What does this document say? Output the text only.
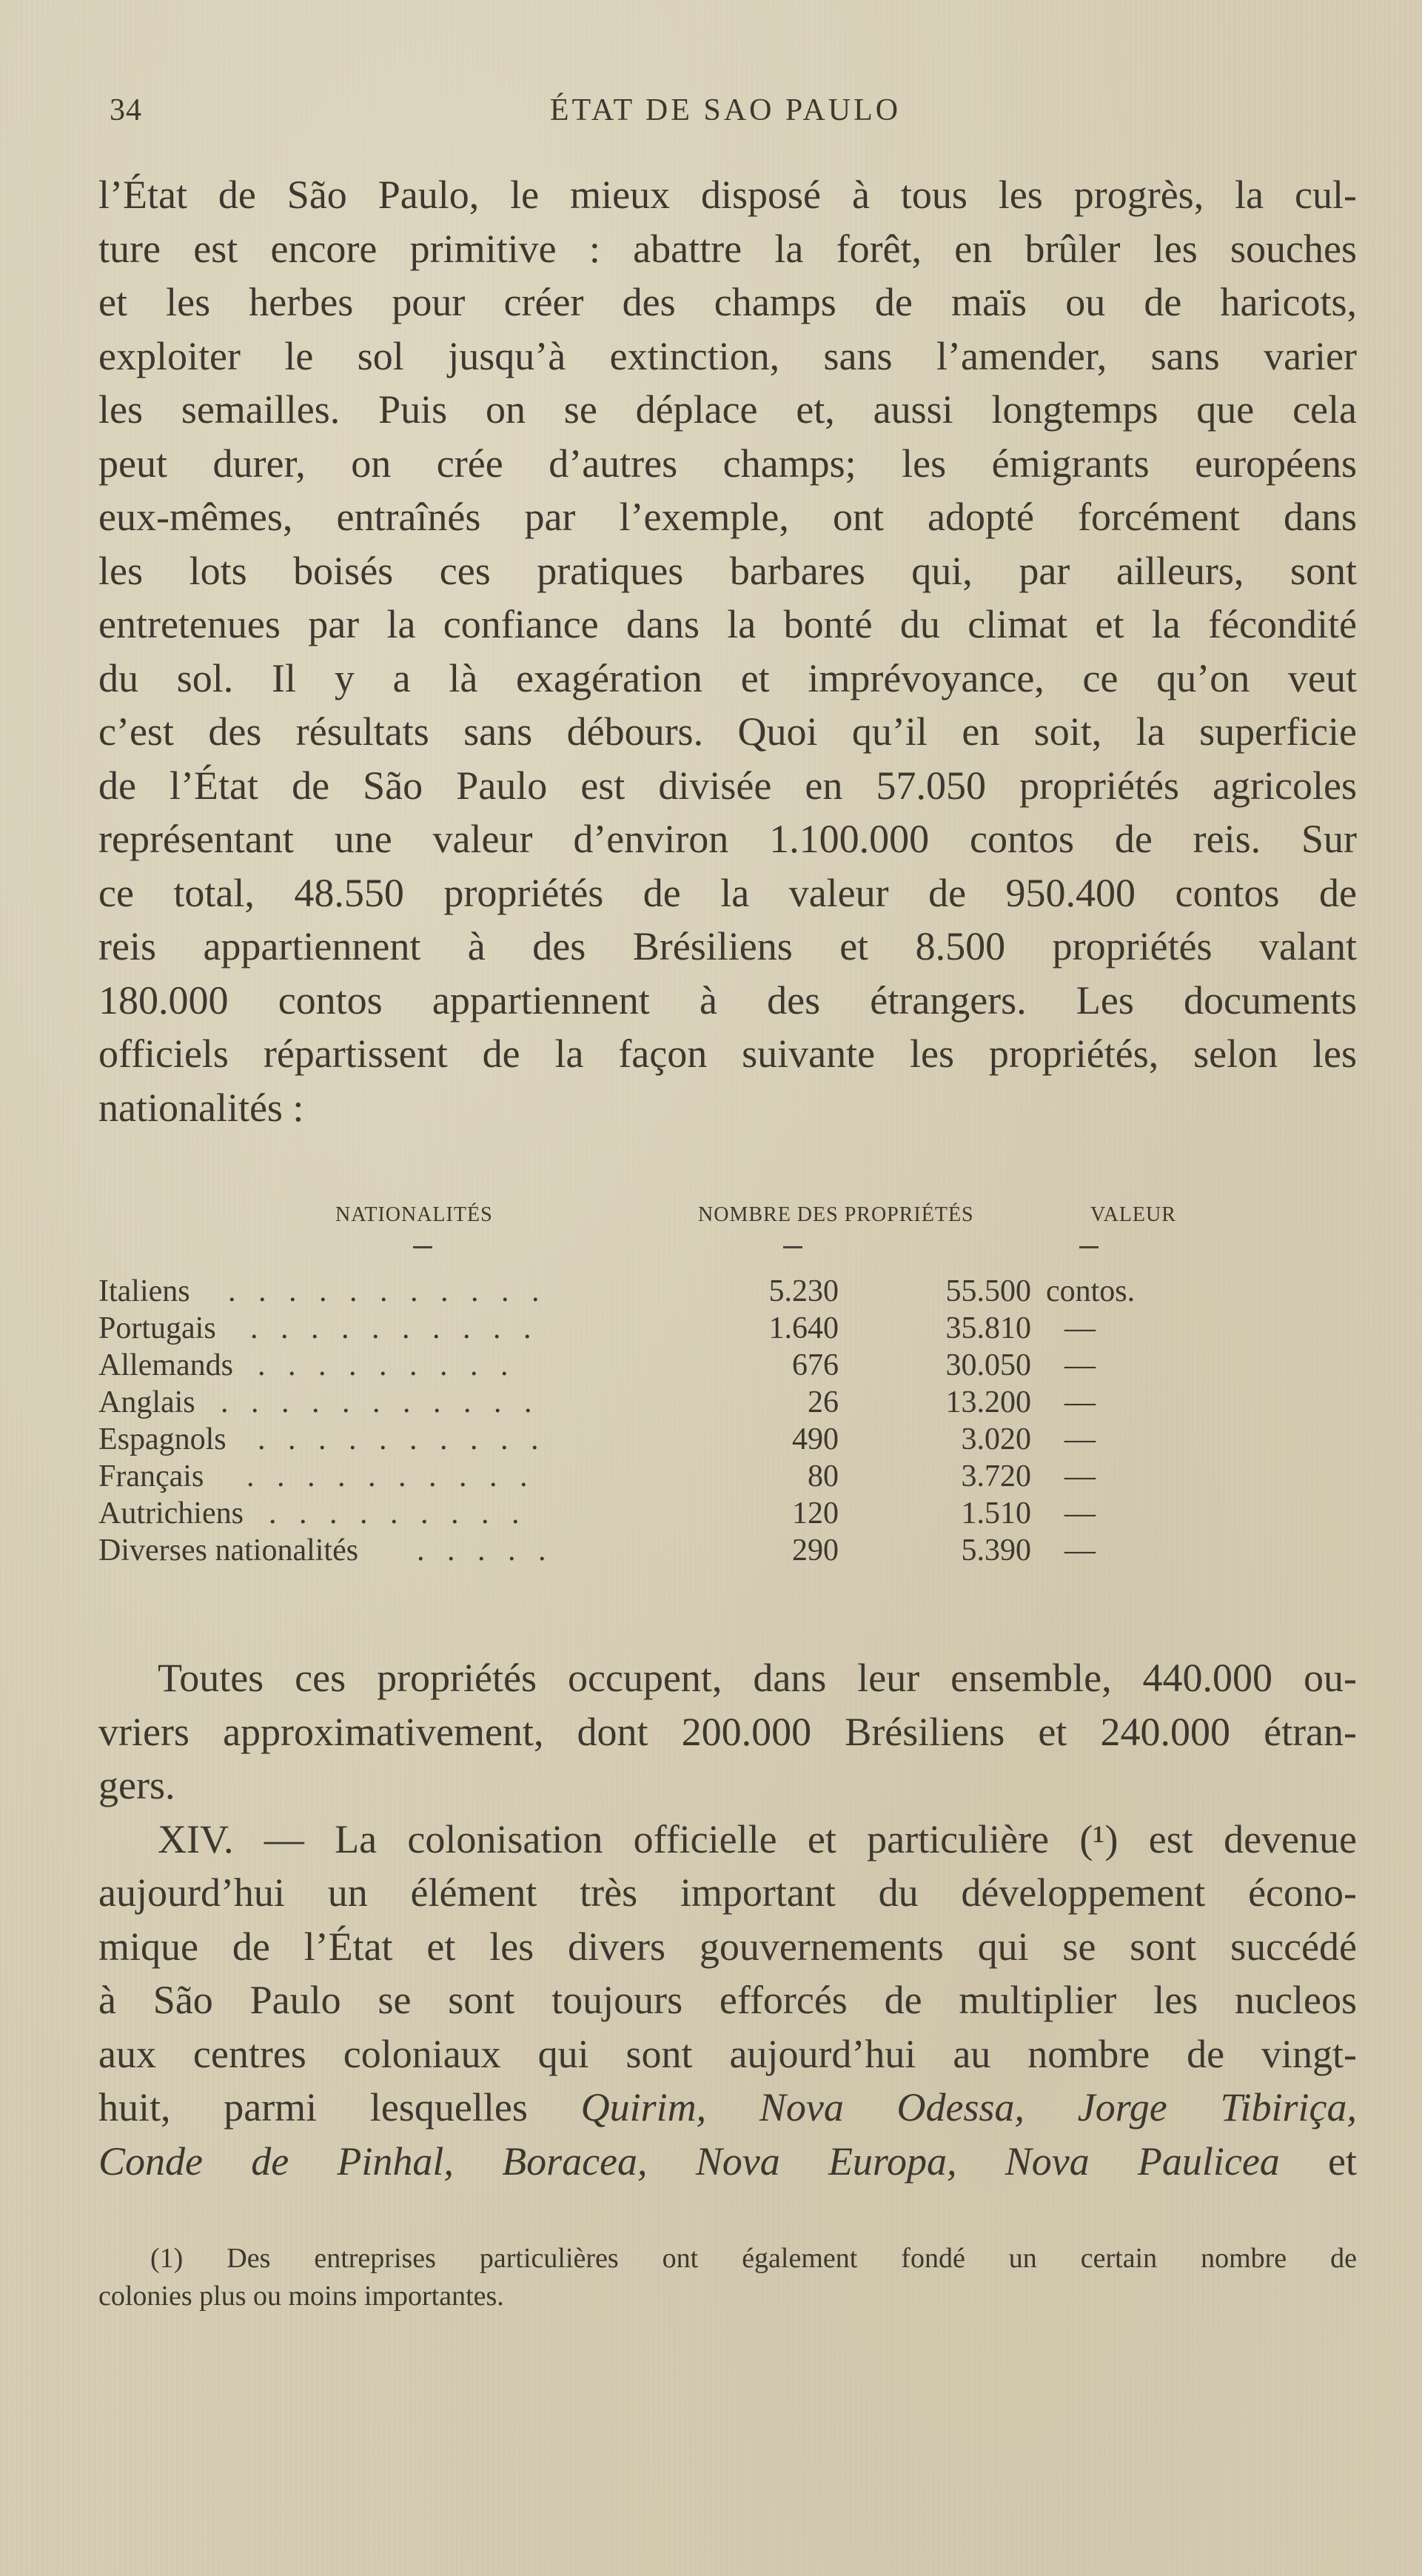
34	ÉTAT DE SAO PAULO
l’État de São Paulo, le mieux disposé à tous les progrès, la cul-
ture est encore primitive : abattre la forêt, en brûler les souches
et les herbes pour créer des champs de maïs ou de haricots,
exploiter le sol jusqu’à extinction, sans l’amender, sans varier
les semailles. Puis on se déplace et, aussi longtemps que cela
peut durer, on crée d’autres champs; les émigrants européens
eux-mêmes, entraînés par l’exemple, ont adopté forcément dans
les lots boisés ces pratiques barbares qui, par ailleurs, sont
entretenues par la confiance dans la bonté du climat et la fécondité
du sol. Il y a là exagération et imprévoyance, ce qu’on veut
c’est des résultats sans débours. Quoi qu’il en soit, la superficie
de l’État de São Paulo est divisée en 57.050 propriétés agricoles
représentant une valeur d’environ 1.100.000 contos de reis. Sur
ce total, 48.550 propriétés de la valeur de 950.400 contos de
reis appartiennent à des Brésiliens et 8.500 propriétés valant
180.000 contos appartiennent à des étrangers. Les documents
officiels répartissent de la façon suivante les propriétés, selon les
nationalités :
NATIONALITÉS	NOMBRE DES PROPRIÉTÉS	VALEUR
Italiens . . . . . . . . . . .	5.230	55.500 contos.
Portugais . . . . . . . . . .	1.640	35.810 —
Allemands . . . . . . . . .	676	30.050 —
Anglais . . . . . . . . . . .	26	13.200 —
Espagnols . . . . . . . . . .	490	3.020 —
Français . . . . . . . . . .	80	3.720 —
Autrichiens . . . . . . . . .	120	1.510 —
Diverses nationalités . . . . .	290	5.390 —
Toutes ces propriétés occupent, dans leur ensemble, 440.000 ou-
vriers approximativement, dont 200.000 Brésiliens et 240.000 étran-
gers.
XIV. — La colonisation officielle et particulière (¹) est devenue
aujourd’hui un élément très important du développement écono-
mique de l’État et les divers gouvernements qui se sont succédé
à São Paulo se sont toujours efforcés de multiplier les nucleos
aux centres coloniaux qui sont aujourd’hui au nombre de vingt-
huit, parmi lesquelles Quirim, Nova Odessa, Jorge Tibiriça,
Conde de Pinhal, Boracea, Nova Europa, Nova Paulicea et
(1) Des entreprises particulières ont également fondé un certain nombre de
colonies plus ou moins importantes.
